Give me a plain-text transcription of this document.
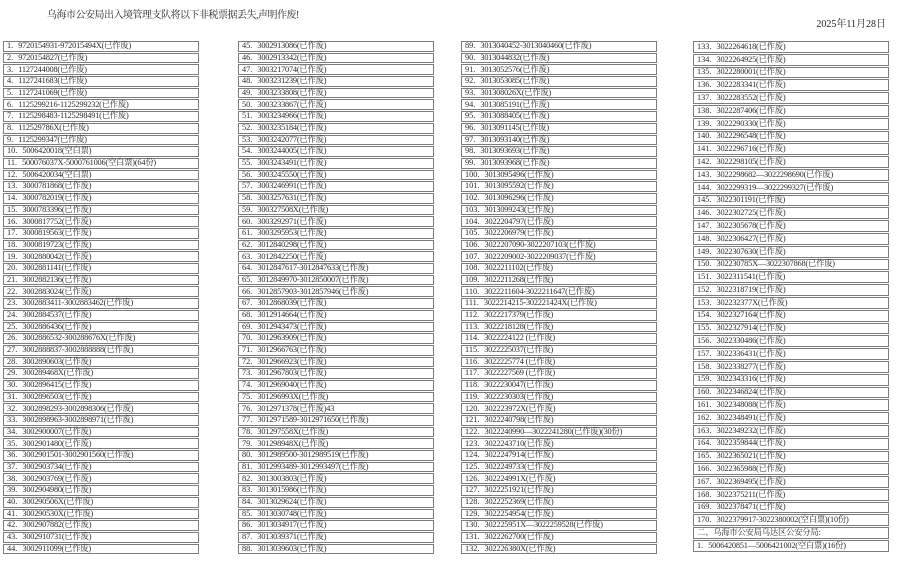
乌海市公安局出入境管理支队将以下非税票据丢失,声明作废!
2025年11月28日
1. 9720154931-972015494X(已作废)
2. 9720154827(已作废)
3. 1127244008(已作废)
4. 1127241683(已作废)
5. 1127241069(已作废)
6. 1125299216-1125299232(已作废)
7. 1125298483-1125298491(已作废)
8. 112529786X(已作废)
9. 1125299347(已作废)
10. 5006420018(空白票)
11. 500076037X-5000761006(空白票)(64份)
12. 5006420034(空白票)
13. 3000781868(已作废)
14. 3000782019(已作废)
15. 3000783396(已作废)
16. 3000817752(已作废)
17. 3000819563(已作废)
18. 3000819723(已作废)
19. 3002880042(已作废)
20. 3002881141(已作废)
21. 3002882136(已作废)
22. 3002883024(已作废)
23. 3002883411-3002883462(已作废)
24. 3002884537(已作废)
25. 3002886436(已作废)
26. 3002886532-300288676X(已作废)
27. 3002888837-3002888888(已作废)
28. 3002890603(已作废)
29. 300289468X(已作废)
30. 3002896415(已作废)
31. 3002896503(已作废)
32. 3002898293-3002898306(已作废)
33. 3002898963-3002898971(已作废)
34. 3002900007(已作废)
35. 3002901480(已作废)
36. 3002901501-3002901560(已作废)
37. 3002903734(已作废)
38. 3002903769(已作废)
39. 3002904980(已作废)
40. 300290506X(已作废)
41. 300290530X(已作废)
42. 3002907882(已作废)
43. 3002910731(已作废)
44. 3002911099(已作废)
45. 3002913086(已作废)
46. 3002913342(已作废)
47. 3003217074(已作废)
48. 3003231239(已作废)
49. 3003233808(已作废)
50. 3003233867(已作废)
51. 3003234966(已作废)
52. 3003235184(已作废)
53. 3003242077(已作废)
54. 3003244005(已作废)
55. 3003243491(已作废)
56. 3003245550(已作废)
57. 3003246991(已作废)
58. 3003257631(已作废)
59. 300327508X(已作废)
60. 3003292971(已作废)
61. 3003295953(已作废)
62. 3012840298(已作废)
63. 3012842250(已作废)
64. 3012847617-3012847633(已作废)
65. 3012849970-3012850007(已作废)
66. 3012857903-3012857946(已作废)
67. 3012868039(已作废)
68. 3012914664(已作废)
69. 3012943473(已作废)
70. 3012963909(已作废)
71. 3012966763(已作废)
72. 3012966923(已作废)
73. 3012967803(已作废)
74. 3012969040(已作废)
75. 301296993X(已作废)
76. 3012971378(已作废)43
77. 3012971589-3012971650(已作废)
78. 301297558X(已作废)
79. 301298948X(已作废)
80. 3012989500-3012989519(已作废)
81. 3012993489-3012993497(已作废)
82. 3013003803(已作废)
83. 3013015986(已作废)
84. 3013029624(已作废)
85. 3013030748(已作废)
86. 3013034917(已作废)
87. 3013039371(已作废)
88. 3013039603(已作废)
89. 3013040452-3013040460(已作废)
90. 3013044832(已作废)
91. 3013052576(已作废)
92. 3013053085(已作废)
93. 301308026X(已作废)
94. 3013085191(已作废)
95. 3013088405(已作废)
96. 3013091145(已作废)
97. 3013093140(已作废)
98. 3013093693(已作废)
99. 3013093968(已作废)
100. 3013095496(已作废)
101. 3013095592(已作废)
102. 3013096296(已作废)
103. 3013099243(已作废)
104. 3022204797(已作废)
105. 3022206979(已作废)
106. 3022207090-3022207103(已作废)
107. 3022209002-3022209037(已作废)
108. 3022211102(已作废)
109. 3022211268(已作废)
110. 3022211604-3022211647(已作废)
111. 3022214215-302221424X(已作废)
112. 3022217379(已作废)
113. 3022218128(已作废)
114. 3022224122 (已作废)
115. 3022225037(已作废)
116. 3022225774 (已作废)
117. 3022227569 (已作废)
118. 3022230047(已作废)
119. 3022230303(已作废)
120. 302223972X(已作废)
121. 3022240798(已作废)
122. 3022240990—3022241280(已作废)(30份)
123. 3022243710(已作废)
124. 3022247914(已作废)
125. 3022249733(已作废)
126. 302224991X(已作废)
127. 3022251921(已作废)
128. 3022252369(已作废)
129. 3022254954(已作废)
130. 302225951X—3022259528(已作废)
131. 3022262700(已作废)
132. 302226380X(已作废)
133. 3022264618(已作废)
134. 3022264925(已作废)
135. 3022280001(已作废)
136. 3022283341(已作废)
137. 3022283552(已作废)
138. 3022287406(已作废)
139. 3022290330(已作废)
140. 3022296548(已作废)
141. 3022296716(已作废)
142. 3022298105(已作废)
143. 3022298682—3022298690(已作废)
144. 3022299319—3022299327(已作废)
145. 3022301191(已作废)
146. 3022302725(已作废)
147. 3022305678(已作废)
148. 3022306427(已作废)
149. 3022307630(已作废)
150. 302230785X—3022307868(已作废)
151. 3022311541(已作废)
152. 3022318719(已作废)
153. 302232377X(已作废)
154. 3022327164(已作废)
155. 3022327914(已作废)
156. 3022330486(已作废)
157. 3022336431(已作废)
158. 3022338277(已作废)
159. 3022343316(已作废)
160. 3022346824(已作废)
161. 3022348088(已作废)
162. 3022348491(已作废)
163. 3022349232(已作废)
164. 3022359844(已作废)
165. 3022365021(已作废)
166. 3022365988(已作废)
167. 3022369495(已作废)
168. 3022375211(已作废)
169. 3022378471(已作废)
170. 3022379917-3022380002(空白票)(10份)
二、乌海市公安局乌达区公安分局:
1. 5006420851—5006421002(空白票)(16份)
